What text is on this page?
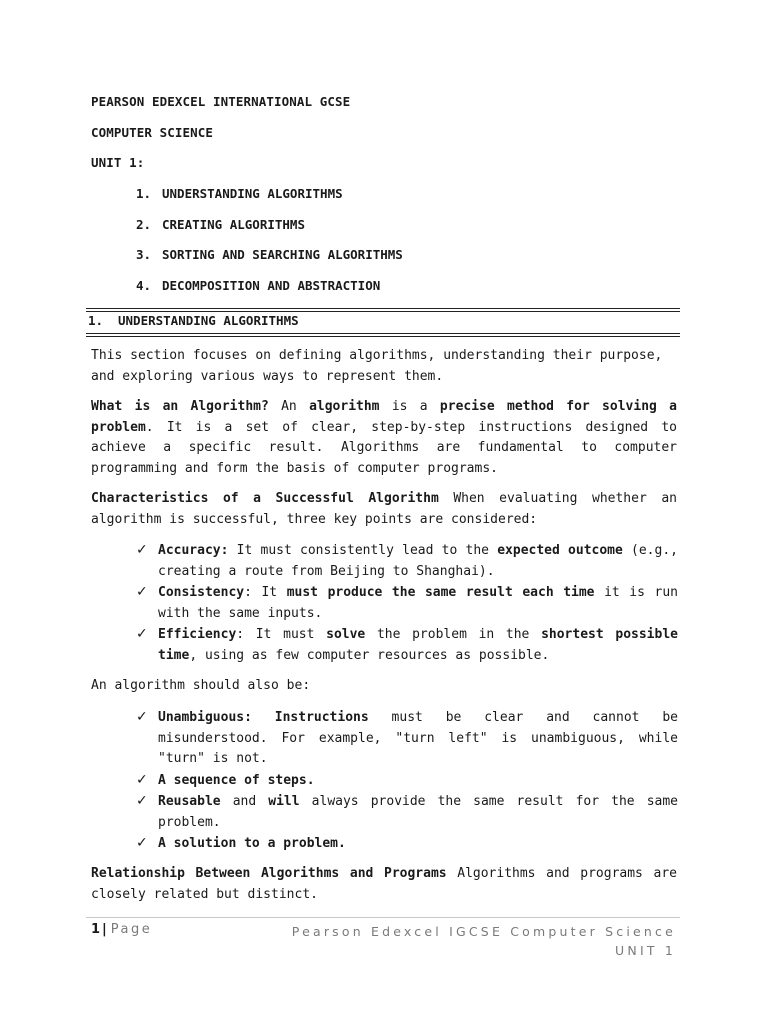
PEARSON EDEXCEL INTERNATIONAL GCSE
COMPUTER SCIENCE
UNIT 1:
1. UNDERSTANDING ALGORITHMS
2. CREATING ALGORITHMS
3. SORTING AND SEARCHING ALGORITHMS
4. DECOMPOSITION AND ABSTRACTION
1. UNDERSTANDING ALGORITHMS
This section focuses on defining algorithms, understanding their purpose, and exploring various ways to represent them.
What is an Algorithm? An algorithm is a precise method for solving a problem. It is a set of clear, step-by-step instructions designed to achieve a specific result. Algorithms are fundamental to computer programming and form the basis of computer programs.
Characteristics of a Successful Algorithm When evaluating whether an algorithm is successful, three key points are considered:
✓ Accuracy: It must consistently lead to the expected outcome (e.g., creating a route from Beijing to Shanghai).
✓ Consistency: It must produce the same result each time it is run with the same inputs.
✓ Efficiency: It must solve the problem in the shortest possible time, using as few computer resources as possible.
An algorithm should also be:
✓ Unambiguous: Instructions must be clear and cannot be misunderstood. For example, "turn left" is unambiguous, while "turn" is not.
✓ A sequence of steps.
✓ Reusable and will always provide the same result for the same problem.
✓ A solution to a problem.
Relationship Between Algorithms and Programs Algorithms and programs are closely related but distinct.
1 | Page	Pearson Edexcel IGCSE Computer Science UNIT 1
